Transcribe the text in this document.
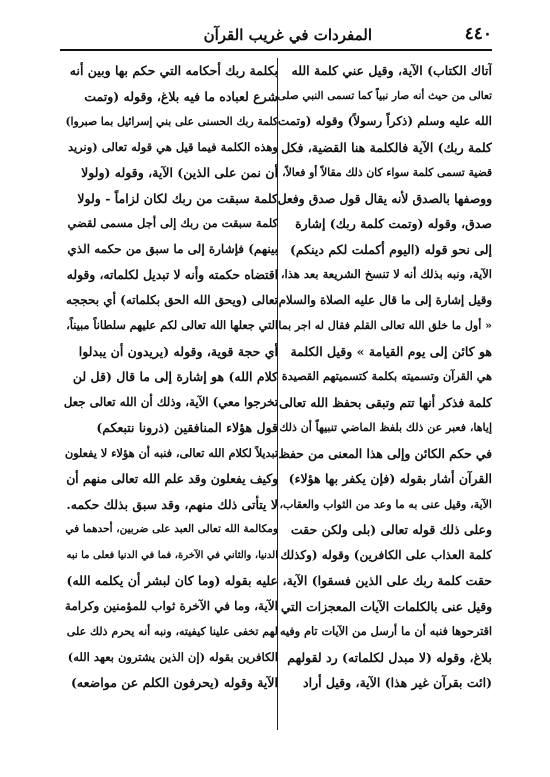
٤٤٠
المفردات في غريب القرآن
آتاك الكتاب) الآية، وقيل عني كلمة الله
تعالى من حيث أنه صار نبياً كما تسمى النبي صلى
الله عليه وسلم (ذكراً رسولاً) وقوله (وتمت
كلمة ربك) الآية فالكلمة هنا القضية، فكل
قضية تسمى كلمة سواء كان ذلك مقالاً أو فعالاً،
ووصفها بالصدق لأنه يقال قول صدق وفعل
صدق، وقوله (وتمت كلمة ربك) إشارة
إلى نحو قوله (اليوم أكملت لكم دينكم)
الآية، ونبه بذلك أنه لا تنسخ الشريعة بعد هذا،
وقيل إشارة إلى ما قال عليه الصلاة والسلام
« أول ما خلق الله تعالى القلم فقال له اجر بما
هو كائن إلى يوم القيامة » وقيل الكلمة
هي القرآن وتسميته بكلمة كتسميتهم القصيدة
كلمة فذكر أنها تتم وتبقى بحفظ الله تعالى
إياها، فعبر عن ذلك بلفظ الماضي تنبيهاً أن ذلك
في حكم الكائن وإلى هذا المعنى من حفظ
القرآن أشار بقوله (فإن يكفر بها هؤلاء)
الآية، وقيل عنى به ما وعد من الثواب والعقاب،
وعلى ذلك قوله تعالى (بلى ولكن حقت
كلمة العذاب على الكافرين) وقوله (وكذلك
حقت كلمة ربك على الذين فسقوا) الآية،
وقيل عنى بالكلمات الآيات المعجزات التي
اقترحوها فنبه أن ما أرسل من الآيات تام وفيه
بلاغ، وقوله (لا مبدل لكلماته) رد لقولهم
(ائت بقرآن غير هذا) الآية، وقيل أراد
بكلمة ربك أحكامه التي حكم بها وبين أنه
شرع لعباده ما فيه بلاغ، وقوله (وتمت
كلمة ربك الحسنى على بني إسرائيل بما صبروا)
وهذه الكلمة فيما قيل هي قوله تعالى (ونريد
أن نمن على الذين) الآية، وقوله (ولولا
كلمة سبقت من ربك لكان لزاماً - ولولا
كلمة سبقت من ربك إلى أجل مسمى لقضي
بينهم) فإشارة إلى ما سبق من حكمه الذي
اقتضاه حكمته وأنه لا تبديل لكلماته، وقوله
تعالى (ويحق الله الحق بكلماته) أي بحججه
التي جعلها الله تعالى لكم عليهم سلطاناً مبيناً،
أي حجة قوية، وقوله (يريدون أن يبدلوا
كلام الله) هو إشارة إلى ما قال (قل لن
تخرجوا معي) الآية، وذلك أن الله تعالى جعل
قول هؤلاء المنافقين (ذرونا نتبعكم)
تبديلاً لكلام الله تعالى، فنبه أن هؤلاء لا يفعلون
وكيف يفعلون وقد علم الله تعالى منهم أن
لا يتأتى ذلك منهم، وقد سبق بذلك حكمه.
ومكالمة الله تعالى العبد على ضربين، أحدهما في
الدنيا، والثاني في الآخرة، فما في الدنيا فعلى ما نبه
عليه بقوله (وما كان لبشر أن يكلمه الله)
الآية، وما في الآخرة ثواب للمؤمنين وكرامة
لهم تخفى علينا كيفيته، ونبه أنه يحرم ذلك على
الكافرين بقوله (إن الذين يشترون بعهد الله)
الآية وقوله (يحرفون الكلم عن مواضعه)
